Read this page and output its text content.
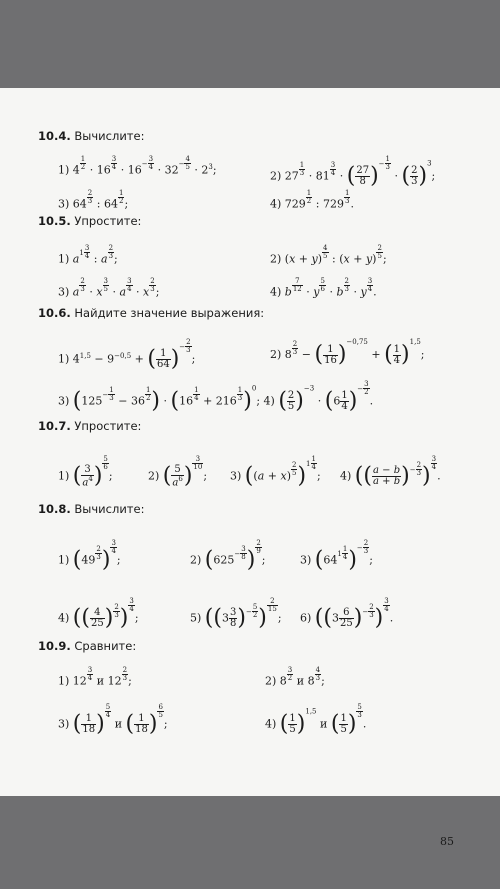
10.4. Вычислите:
1) 4 $^{\frac{1}{2}}$ · 16 $^{\frac{3}{4}} \cdot 16^{- \frac{3}{4}} \cdot 32^{- \frac{4}{5}} \cdot 2^3$;	2) 27 $^{\frac{1}{3}}$ · 81 $^{\frac{3}{4}}$ · ( $\frac{27}{8} )^{- \frac{1}{3}}$
· ( $\frac{2}{3} )^3$;
3) 64 $^{\frac{2}{3}}$ : 64 $^{\frac{1}{2}}$ ;	4) 729 $^{\frac{1}{2}}$ : 729 $^{\frac{1}{3}}$ .
10.5. Упростите:
1) $a^{1 \frac{3}{4}}$ : a $^{\frac{2}{3}}$ ;	2) (x + y) $^{\frac{4}{5}}$ : (x + y) $^{\frac{2}{5}}$ ;
3) a $^{\frac{2}{3}}$ · x $^{\frac{3}{5}}$ · a $^{\frac{3}{4}}$ · x $^{\frac{2}{3}}$ ;	4) b $^{\frac{7}{12}}$ · y $^{\frac{5}{6}}$ · b $^{\frac{2}{3}}$ · y $^{\frac{3}{4}}$ .
10.6. Найдите значение выражения:
1) $4^{1,5} - 9^{-0,5}$ + ( $\frac{1}{64} )^{- \frac{2}{3}}$
;	2) 8 $^{\frac{2}{3}}$ − ( $\frac{1}{16} )^{-0,75}$ + ( $\frac{1}{4} )^{1,5}$;
3) ($125^{- \frac{1}{3}} - 36$ $^{\frac{1}{2}}$ ) · (16 $^{\frac{1}{4}}$ + 216 $^{\frac{1}{3}}$ )$^0$; 4) ( $\frac{2}{5} )^{-3} \cdot (6 \frac{1}{4} )^{- \frac{3}{2}}$
.
10.7. Упростите:
1) ( $\frac{3}{a^4}$ ) $^{\frac{5}{6}}$
;	2) ( $\frac{5}{a^6}$ ) $^{\frac{3}{10}}$
; 3) ((a + x) $^{\frac{2}{5}}$ )$^{1 \frac{1}{4}}$
; 4) (( $\frac{a - b}{a + b} )^{- \frac{2}{3}}$ ) $^{\frac{3}{4}}$
.
10.8. Вычислите:
1) (49 $^{\frac{2}{3}}$ ) $^{\frac{3}{4}}$
;	2) ($625^{- \frac{3}{8}}$ ) $^{\frac{2}{9}}$
;	3) ($64^{1 \frac{1}{4}}$ )$^{- \frac{2}{3}}$
;
4) (( $\frac{4}{25}$ ) $^{\frac{2}{3}}$ ) $^{\frac{3}{4}}$
;	5) ($(3 \frac{3}{8} )^{- \frac{5}{2}}$ ) $^{\frac{2}{15}}$
; 6) ($(3 \frac{6}{25} )^{- \frac{2}{3}}$ ) $^{\frac{3}{4}}$
.
10.9. Сравните:
1) 12 $^{\frac{3}{4}}$ и 12 $^{\frac{2}{3}}$ ;	2) 8 $^{\frac{3}{2}}$ и 8 $^{\frac{4}{3}}$ ;
3) ( $\frac{1}{18}$ ) $^{\frac{5}{4}}$
и ( $\frac{1}{18}$ ) $^{\frac{6}{5}}$
;	4) ( $\frac{1}{5} )^{1,5}$ и ( $\frac{1}{5}$ ) $^{\frac{5}{3}}$
.
85
